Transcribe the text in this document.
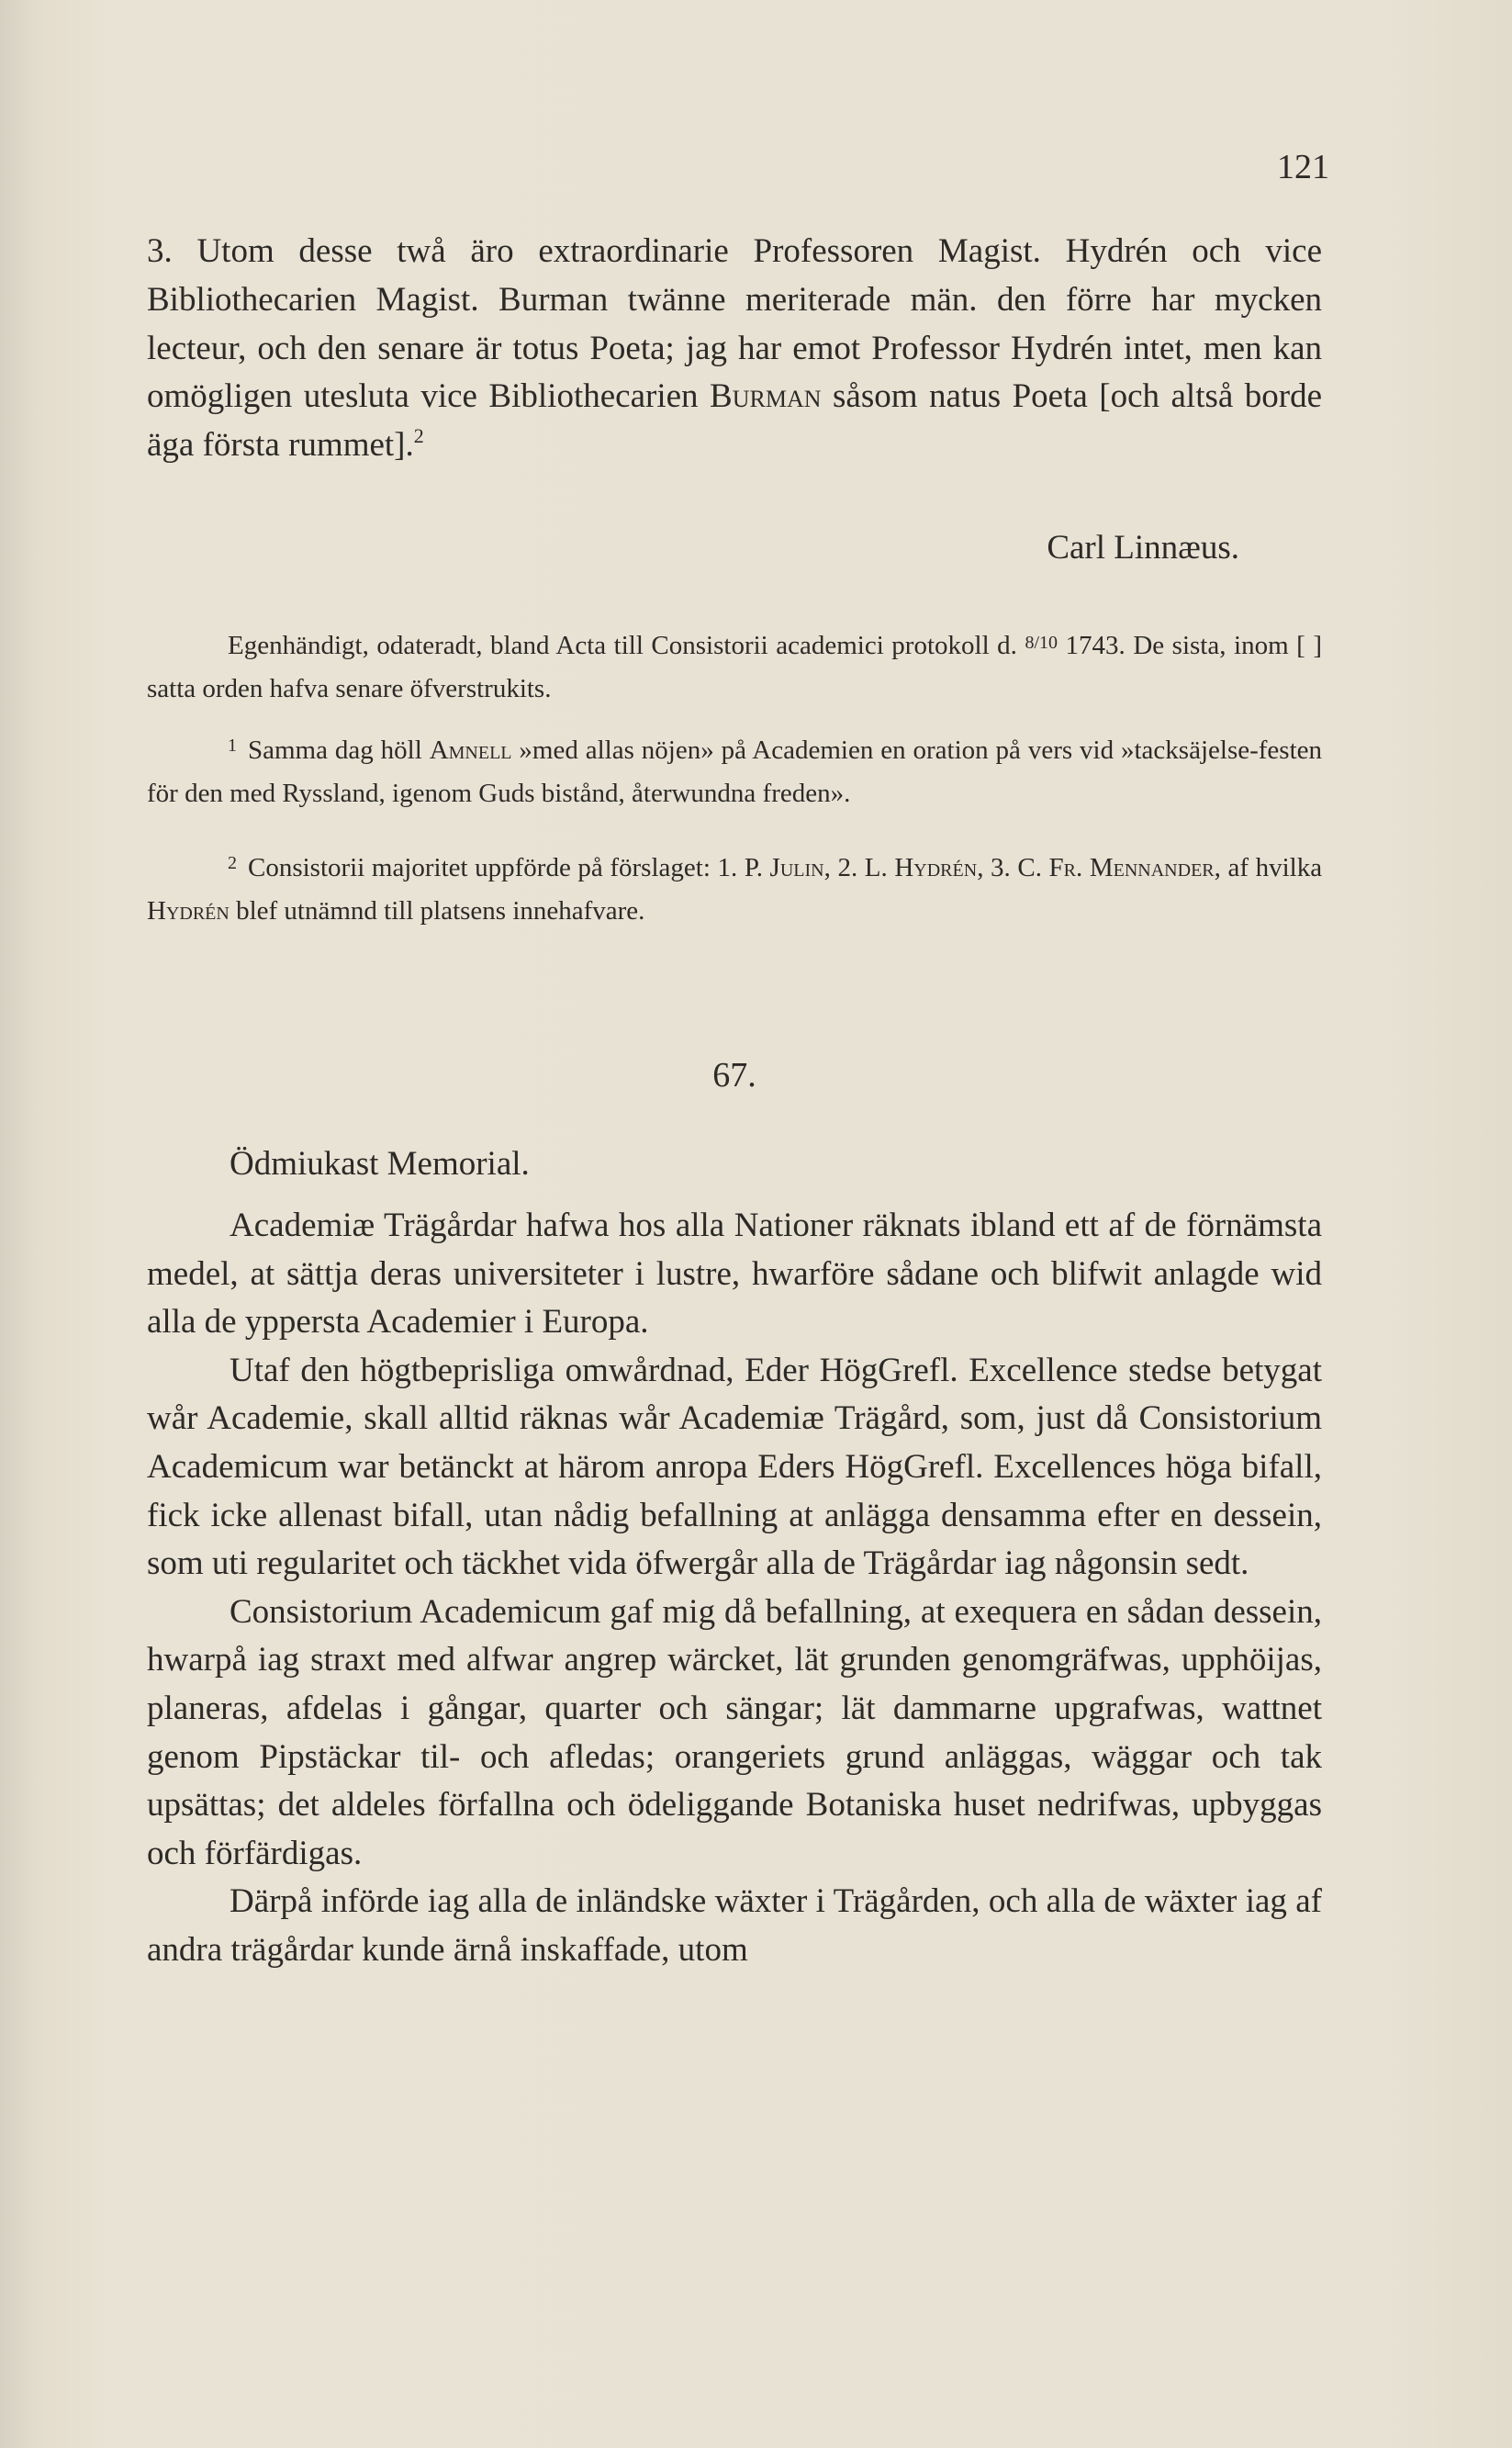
121

3. Utom desse twå äro extraordinarie Professoren Magist. Hydrén och vice Bibliothecarien Magist. Burman twänne meriterade män. den förre har mycken lecteur, och den senare är totus Poeta; jag har emot Professor Hydrén intet, men kan omögligen utesluta vice Bibliothecarien Burman såsom natus Poeta [och altså borde äga första rummet].$^2$

Carl Linnæus.

Egenhändigt, odateradt, bland Acta till Consistorii academici protokoll d. $^{8/10}$ 1743. De sista, inom [ ] satta orden hafva senare öfverstrukits.

1 Samma dag höll Amnell »med allas nöjen» på Academien en oration på vers vid »tacksäjelse-festen för den med Ryssland, igenom Guds bistånd, återwundna freden».

2 Consistorii majoritet uppförde på förslaget: 1. P. Julin, 2. L. Hydrén, 3. C. Fr. Mennander, af hvilka Hydrén blef utnämnd till platsens innehafvare.

67.
Ödmiukast Memorial.

Academiæ Trägårdar hafwa hos alla Nationer räknats ibland ett af de förnämsta medel, at sättja deras universiteter i lustre, hwarföre sådane och blifwit anlagde wid alla de yppersta Academier i Europa.

Utaf den högtbeprisliga omwårdnad, Eder HögGrefl. Excellence stedse betygat wår Academie, skall alltid räknas wår Academiæ Trägård, som, just då Consistorium Academicum war betänckt at härom anropa Eders HögGrefl. Excellences höga bifall, fick icke allenast bifall, utan nådig befallning at anlägga densamma efter en dessein, som uti regularitet och täckhet vida öfwergår alla de Trägårdar iag någonsin sedt.

Consistorium Academicum gaf mig då befallning, at exequera en sådan dessein, hwarpå iag straxt med alfwar angrep wärcket, lät grunden genomgräfwas, upphöijas, planeras, afdelas i gångar, quarter och sängar; lät dammarne upgrafwas, wattnet genom Pipstäckar til- och afledas; orangeriets grund anläggas, wäggar och tak upsättas; det aldeles förfallna och ödeliggande Botaniska huset nedrifwas, upbyggas och förfärdigas.

Därpå införde iag alla de inländske wäxter i Trägården, och alla de wäxter iag af andra trägårdar kunde ärnå inskaffade, utom
